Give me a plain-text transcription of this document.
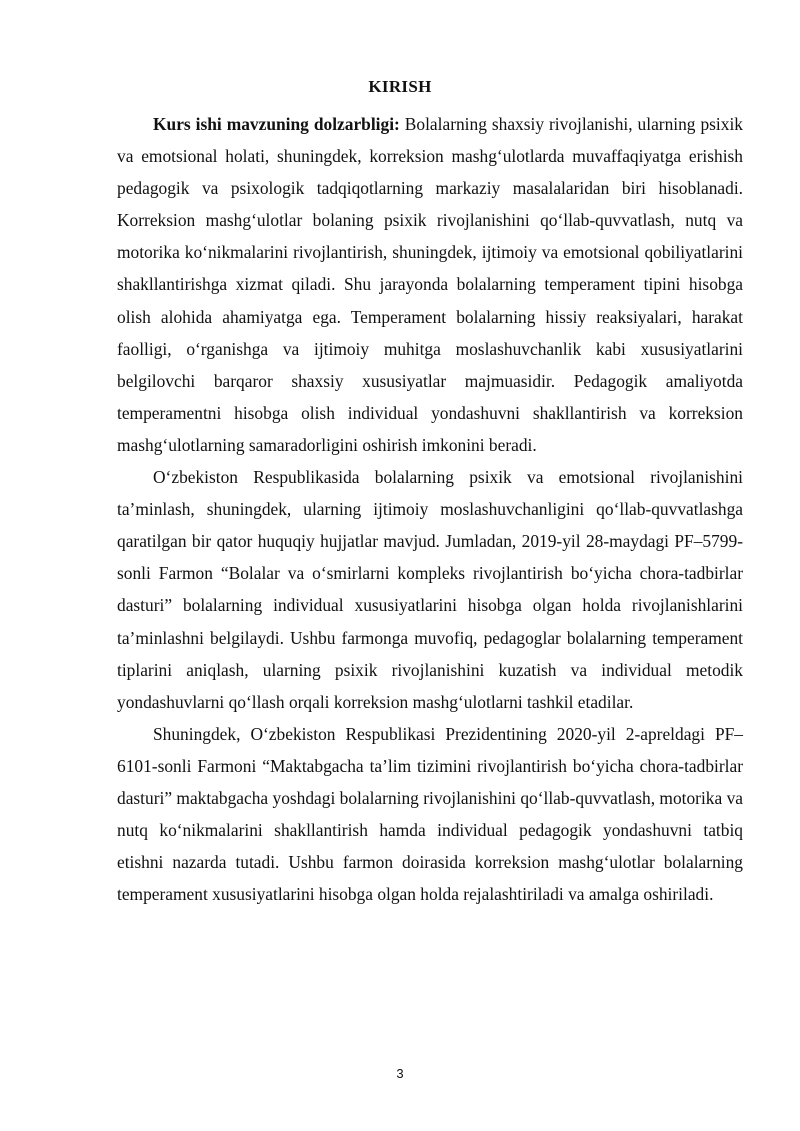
KIRISH

Kurs ishi mavzuning dolzarbligi: Bolalarning shaxsiy rivojlanishi, ularning psixik va emotsional holati, shuningdek, korreksion mashg‘ulotlarda muvaffaqiyatga erishish pedagogik va psixologik tadqiqotlarning markaziy masalalaridan biri hisoblanadi. Korreksion mashg‘ulotlar bolaning psixik rivojlanishini qo‘llab-quvvatlash, nutq va motorika ko‘nikmalarini rivojlantirish, shuningdek, ijtimoiy va emotsional qobiliyatlarini shakllantirishga xizmat qiladi. Shu jarayonda bolalarning temperament tipini hisobga olish alohida ahamiyatga ega. Temperament bolalarning hissiy reaksiyalari, harakat faolligi, o‘rganishga va ijtimoiy muhitga moslashuvchanlik kabi xususiyatlarini belgilovchi barqaror shaxsiy xususiyatlar majmuasidir. Pedagogik amaliyotda temperamentni hisobga olish individual yondashuvni shakllantirish va korreksion mashg‘ulotlarning samaradorligini oshirish imkonini beradi.

O‘zbekiston Respublikasida bolalarning psixik va emotsional rivojlanishini ta’minlash, shuningdek, ularning ijtimoiy moslashuvchanligini qo‘llab-quvvatlashga qaratilgan bir qator huquqiy hujjatlar mavjud. Jumladan, 2019-yil 28-maydagi PF–5799-sonli Farmon “Bolalar va o‘smirlarni kompleks rivojlantirish bo‘yicha chora-tadbirlar dasturi” bolalarning individual xususiyatlarini hisobga olgan holda rivojlanishlarini ta’minlashni belgilaydi. Ushbu farmonga muvofiq, pedagoglar bolalarning temperament tiplarini aniqlash, ularning psixik rivojlanishini kuzatish va individual metodik yondashuvlarni qo‘llash orqali korreksion mashg‘ulotlarni tashkil etadilar.

Shuningdek, O‘zbekiston Respublikasi Prezidentining 2020-yil 2-apreldagi PF–6101-sonli Farmoni “Maktabgacha ta’lim tizimini rivojlantirish bo‘yicha chora-tadbirlar dasturi” maktabgacha yoshdagi bolalarning rivojlanishini qo‘llab-quvvatlash, motorika va nutq ko‘nikmalarini shakllantirish hamda individual pedagogik yondashuvni tatbiq etishni nazarda tutadi. Ushbu farmon doirasida korreksion mashg‘ulotlar bolalarning temperament xususiyatlarini hisobga olgan holda rejalashtiriladi va amalga oshiriladi.

3
